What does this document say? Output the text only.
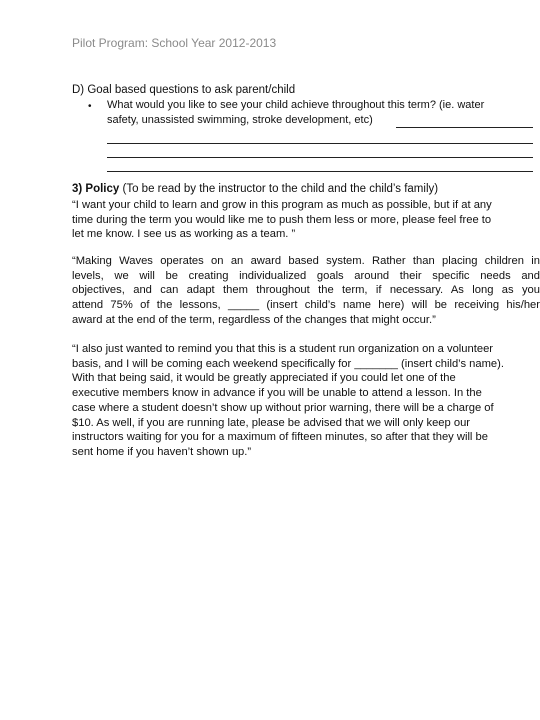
Pilot Program: School Year 2012-2013
D) Goal based questions to ask parent/child
• What would you like to see your child achieve throughout this term? (ie. water
safety, unassisted swimming, stroke development, etc)
3) Policy (To be read by the instructor to the child and the child’s family)
“I want your child to learn and grow in this program as much as possible, but if at any
time during the term you would like me to push them less or more, please feel free to
let me know. I see us as working as a team. ”
“Making Waves operates on an award based system. Rather than placing children in
levels, we will be creating individualized goals around their specific needs and
objectives, and can adapt them throughout the term, if necessary. As long as you
attend 75% of the lessons, _____ (insert child’s name here) will be receiving his/her
award at the end of the term, regardless of the changes that might occur.”
“I also just wanted to remind you that this is a student run organization on a volunteer
basis, and I will be coming each weekend specifically for _______ (insert child’s name).
With that being said, it would be greatly appreciated if you could let one of the
executive members know in advance if you will be unable to attend a lesson. In the
case where a student doesn’t show up without prior warning, there will be a charge of
$10. As well, if you are running late, please be advised that we will only keep our
instructors waiting for you for a maximum of fifteen minutes, so after that they will be
sent home if you haven’t shown up.”
